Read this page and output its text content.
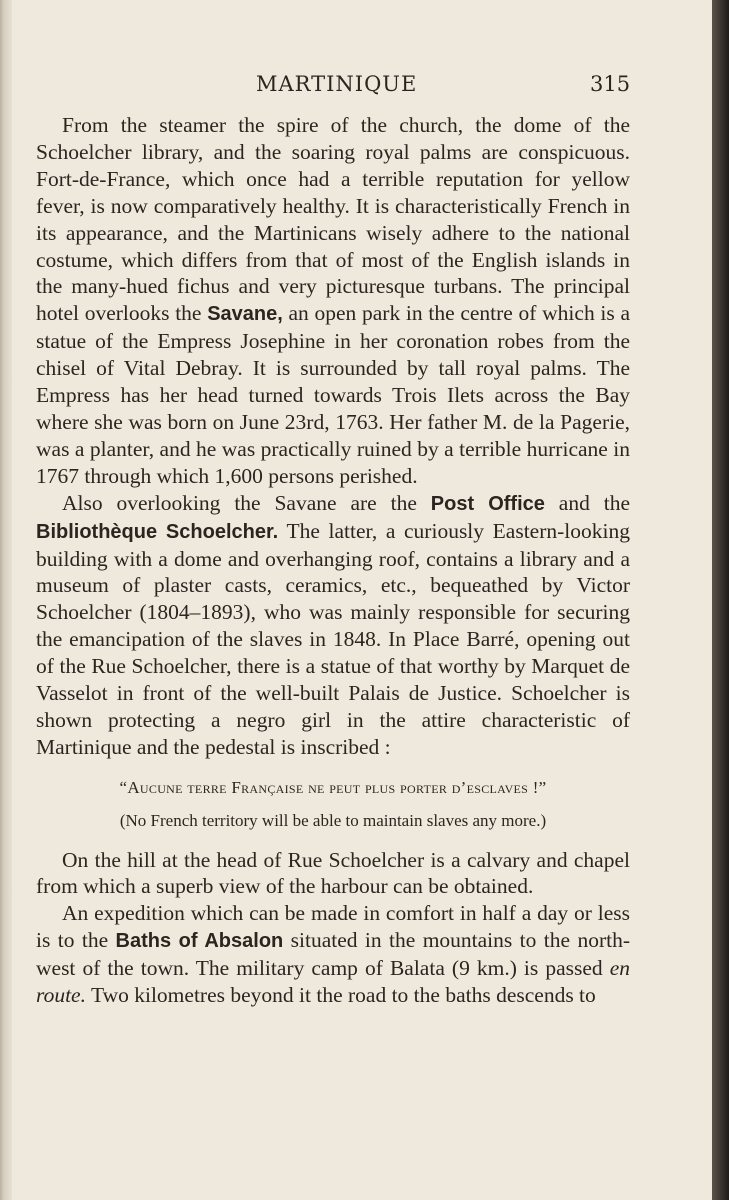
MARTINIQUE	315

From the steamer the spire of the church, the dome of the Schoelcher library, and the soaring royal palms are conspicuous. Fort-de-France, which once had a terrible reputation for yellow fever, is now comparatively healthy. It is characteristically French in its appearance, and the Martinicans wisely adhere to the national costume, which differs from that of most of the English islands in the many-hued fichus and very picturesque turbans. The principal hotel overlooks the Savane, an open park in the centre of which is a statue of the Empress Josephine in her coronation robes from the chisel of Vital Debray. It is surrounded by tall royal palms. The Empress has her head turned towards Trois Ilets across the Bay where she was born on June 23rd, 1763. Her father M. de la Pagerie, was a planter, and he was practically ruined by a terrible hurricane in 1767 through which 1,600 persons perished.

Also overlooking the Savane are the Post Office and the Bibliothèque Schoelcher. The latter, a curiously Eastern-looking building with a dome and overhanging roof, contains a library and a museum of plaster casts, ceramics, etc., bequeathed by Victor Schoelcher (1804–1893), who was mainly responsible for securing the emancipation of the slaves in 1848. In Place Barré, opening out of the Rue Schoelcher, there is a statue of that worthy by Marquet de Vasselot in front of the well-built Palais de Justice. Schoelcher is shown protecting a negro girl in the attire characteristic of Martinique and the pedestal is inscribed :

“Aucune terre Française ne peut plus porter d’esclaves !”
(No French territory will be able to maintain slaves any more.)

On the hill at the head of Rue Schoelcher is a calvary and chapel from which a superb view of the harbour can be obtained.

An expedition which can be made in comfort in half a day or less is to the Baths of Absalon situated in the mountains to the north-west of the town. The military camp of Balata (9 km.) is passed en route. Two kilometres beyond it the road to the baths descends to
